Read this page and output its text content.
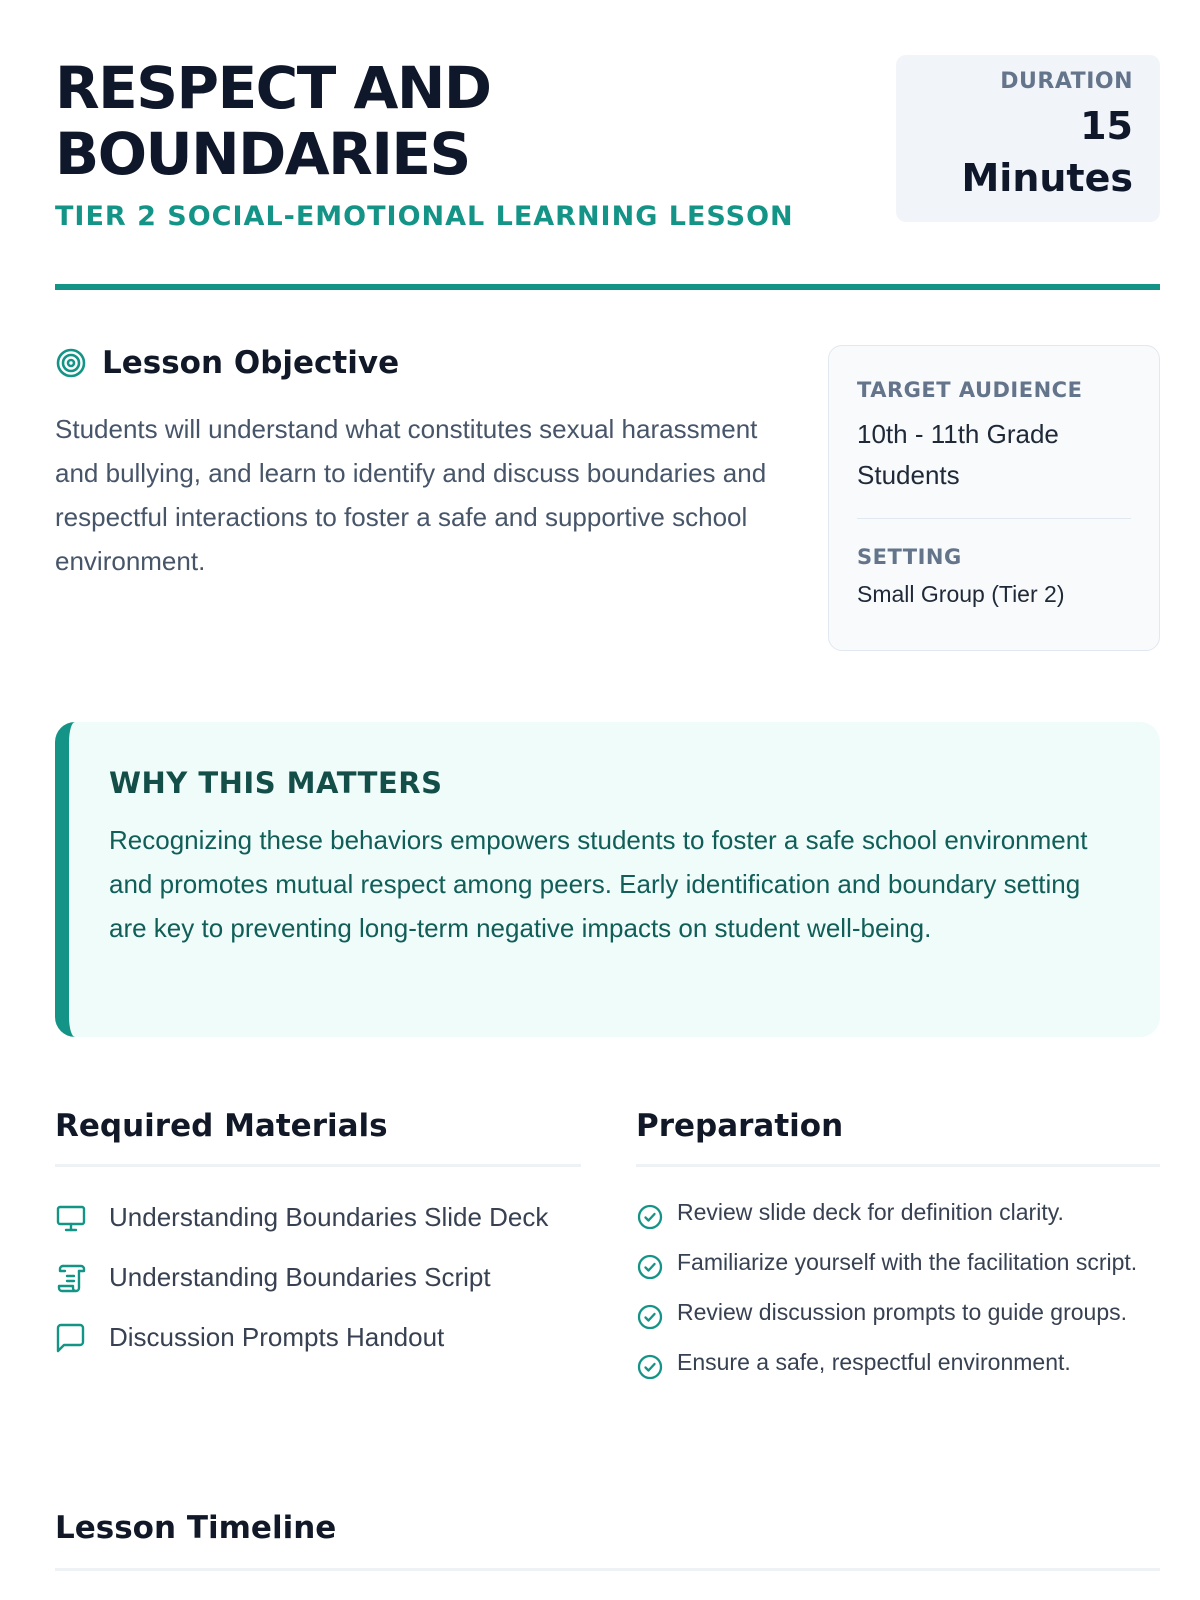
RESPECT AND BOUNDARIES
TIER 2 SOCIAL-EMOTIONAL LEARNING LESSON
DURATION
15 Minutes
Lesson Objective

Students will understand what constitutes sexual harassment and bullying, and learn to identify and discuss boundaries and respectful interactions to foster a safe and supportive school environment.

TARGET AUDIENCE
10th - 11th Grade Students
SETTING
Small Group (Tier 2)
WHY THIS MATTERS

Recognizing these behaviors empowers students to foster a safe school environment and promotes mutual respect among peers. Early identification and boundary setting are key to preventing long-term negative impacts on student well-being.

Required Materials
Understanding Boundaries Slide Deck
Understanding Boundaries Script
Discussion Prompts Handout
Preparation
Review slide deck for definition clarity.
Familiarize yourself with the facilitation script.
Review discussion prompts to guide groups.
Ensure a safe, respectful environment.
Lesson Timeline
